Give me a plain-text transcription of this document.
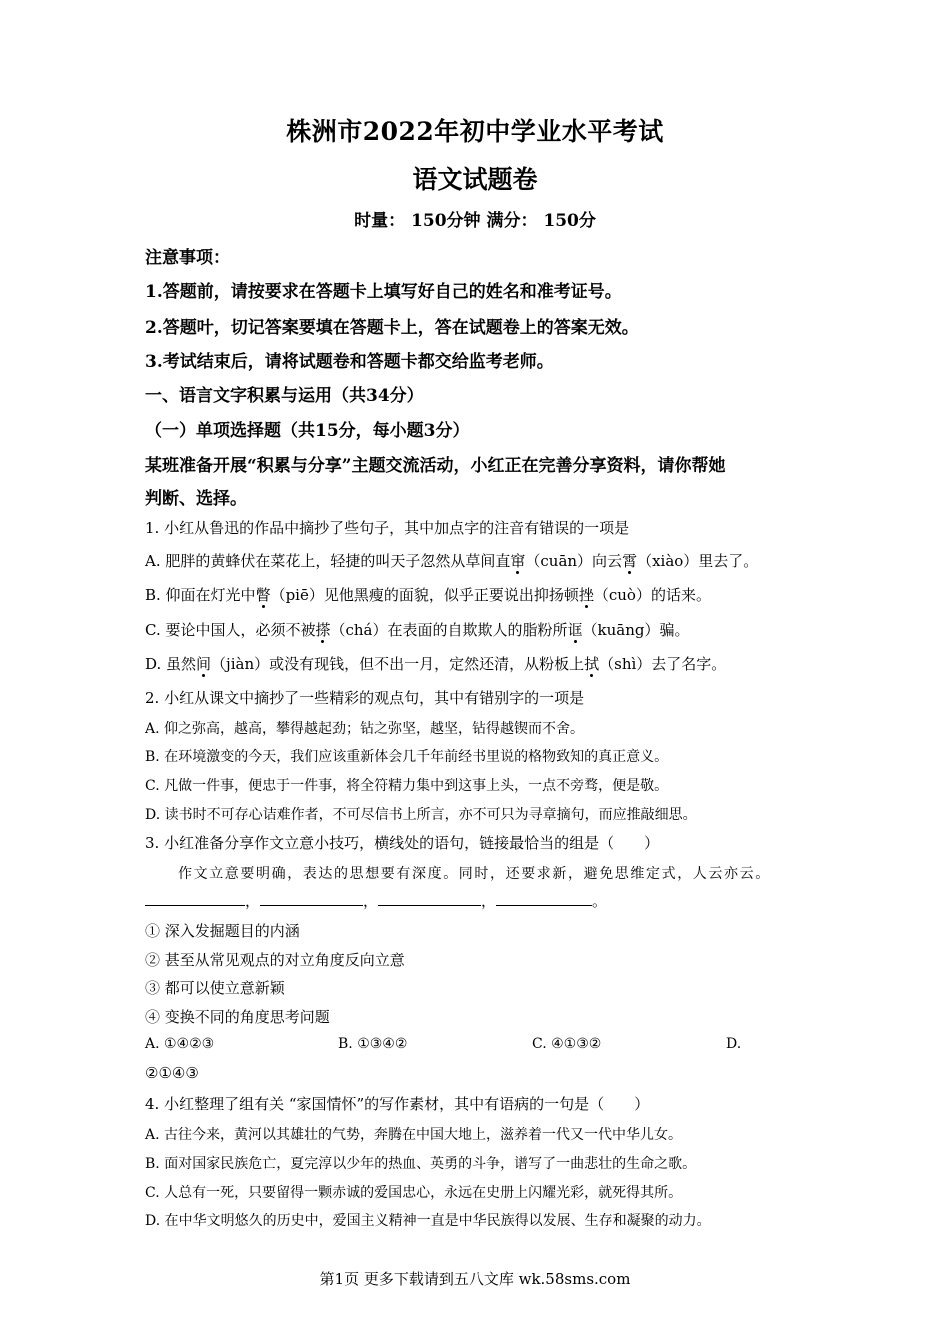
株洲市2022年初中学业水平考试
语文试题卷
时量： 150分钟 满分： 150分
注意事项：
1.答题前，请按要求在答题卡上填写好自己的姓名和准考证号。
2.答题叶，切记答案要填在答题卡上，答在试题卷上的答案无效。
3.考试结束后，请将试题卷和答题卡都交给监考老师。
一、语言文字积累与运用（共34分）
（一）单项选择题（共15分，每小题3分）
某班准备开展“积累与分享”主题交流活动，小红正在完善分享资料，请你帮她
判断、选择。
1. 小红从鲁迅的作品中摘抄了些句子，其中加点字的注音有错误的一项是
A. 肥胖的黄蜂伏在菜花上，轻捷的叫天子忽然从草间直窜（cuān）向云霄（xiào）里去了。
B. 仰面在灯光中瞥（piē）见他黑瘦的面貌，似乎正要说出抑扬顿挫（cuò）的话来。
C. 要论中国人，必须不被搽（chá）在表面的自欺欺人的脂粉所诓（kuāng）骗。
D. 虽然间（jiàn）或没有现钱，但不出一月，定然还清，从粉板上拭（shì）去了名字。
2. 小红从课文中摘抄了一些精彩的观点句，其中有错别字的一项是
A. 仰之弥高，越高，攀得越起劲；钻之弥坚，越坚，钻得越锲而不舍。
B. 在环境激变的今天，我们应该重新体会几千年前经书里说的格物致知的真正意义。
C. 凡做一件事，便忠于一件事，将全符精力集中到这事上头，一点不旁骛，便是敬。
D. 读书时不可存心诘难作者，不可尽信书上所言，亦不可只为寻章摘句，而应推敲细思。
3. 小红准备分享作文立意小技巧，横线处的语句，链接最恰当的组是（　　）
作文立意要明确，表达的思想要有深度。同时，还要求新，避免思维定式，人云亦云。
，	，	，	。
① 深入发掘题目的内涵
② 甚至从常见观点的对立角度反向立意
③ 都可以使立意新颖
④ 变换不同的角度思考问题
A. ①④②③	B. ①③④②	C. ④①③②	D.
②①④③
4. 小红整理了组有关 “家国情怀”的写作素材，其中有语病的一句是（　　）
A. 古往今来，黄河以其雄壮的气势，奔腾在中国大地上，滋养着一代又一代中华儿女。
B. 面对国家民族危亡，夏完淳以少年的热血、英勇的斗争，谱写了一曲悲壮的生命之歌。
C. 人总有一死，只要留得一颗赤诚的爱国忠心，永远在史册上闪耀光彩，就死得其所。
D. 在中华文明悠久的历史中，爱国主义精神一直是中华民族得以发展、生存和凝聚的动力。
第1页 更多下载请到五八文库 wk.58sms.com
